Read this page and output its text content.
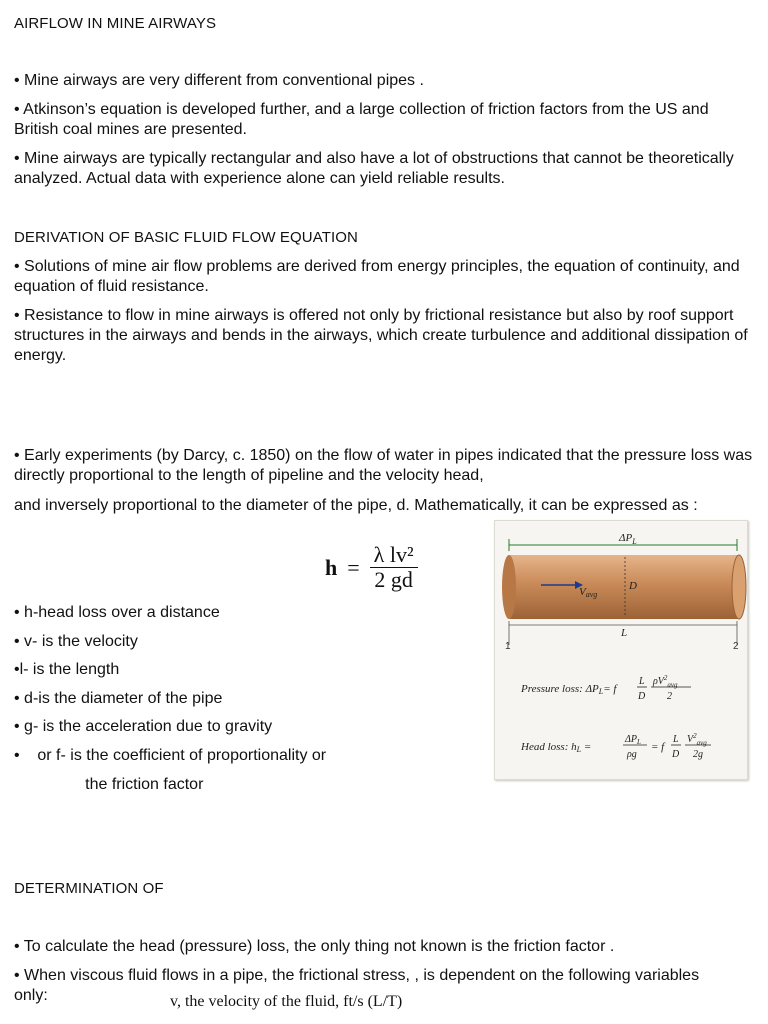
AIRFLOW IN MINE AIRWAYS

• Mine airways are very different from conventional pipes .

• Atkinson’s equation is developed further, and a large collection of friction factors from the US and British coal mines are presented.

• Mine airways are typically rectangular and also have a lot of obstructions that cannot be theoretically analyzed. Actual data with experience alone can yield reliable results.

DERIVATION OF BASIC FLUID FLOW EQUATION

• Solutions of mine air flow problems are derived from energy principles, the equation of continuity, and equation of fluid resistance.

• Resistance to flow in mine airways is offered not only by frictional resistance but also by roof support structures in the airways and bends in the airways, which create turbulence and additional dissipation of energy.

• Early experiments (by Darcy, c. 1850) on the flow of water in pipes indicated that the pressure loss was directly proportional to the length of pipeline and the velocity head,

and inversely proportional to the diameter of the pipe, d. Mathematically, it can be expressed as :

$h = \frac{\text{λ lv²}}{2 gd}$
• h-head loss over a distance
• v- is the velocity
•l- is the length
• d-is the diameter of the pipe
• g- is the acceleration due to gravity
•    or f- is the coefficient of proportionality or
the friction factor
$\Delta P_L$
Vavg
D
L
1	2
Pressure loss: ΔPL= f
L
D
$\rho V^2_{avg}$
2
Head loss: hL =
$\Delta P_L$
ρg
= f
L
D
$V^2_{avg}$
2g
DETERMINATION OF

• To calculate the head (pressure) loss, the only thing not known is the friction factor .

• When viscous fluid flows in a pipe, the frictional stress, , is dependent on the following variables only:	v, the velocity of the fluid, ft/s (L/T)
